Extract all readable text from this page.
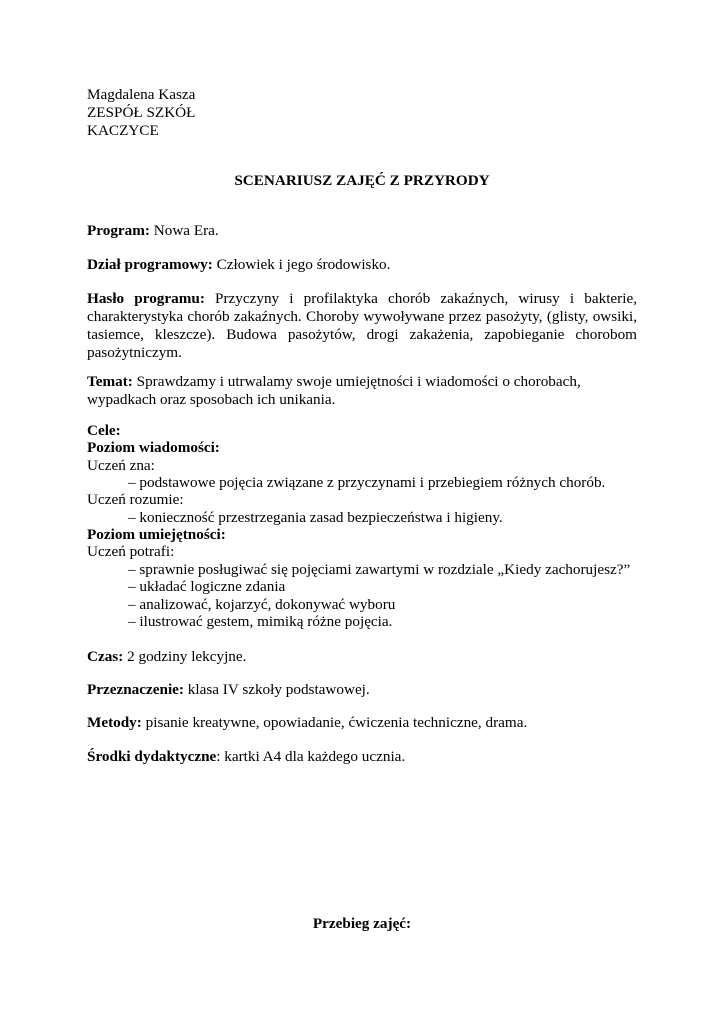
Magdalena Kasza
ZESPÓŁ SZKÓŁ
KACZYCE
SCENARIUSZ ZAJĘĆ Z PRZYRODY
Program: Nowa Era.
Dział programowy: Człowiek i jego środowisko.
Hasło programu: Przyczyny i profilaktyka chorób zakaźnych, wirusy i bakterie, charakterystyka chorób zakaźnych. Choroby wywoływane przez pasożyty, (glisty, owsiki, tasiemce, kleszcze). Budowa pasożytów, drogi zakażenia, zapobieganie chorobom pasożytniczym.
Temat: Sprawdzamy i utrwalamy swoje umiejętności i wiadomości o chorobach, wypadkach oraz sposobach ich unikania.
Cele:
Poziom wiadomości:
Uczeń zna:
– podstawowe pojęcia związane z przyczynami i przebiegiem różnych chorób.
Uczeń rozumie:
– konieczność przestrzegania zasad bezpieczeństwa i higieny.
Poziom umiejętności:
Uczeń potrafi:
– sprawnie posługiwać się pojęciami zawartymi w rozdziale „Kiedy zachorujesz?”
– układać logiczne zdania
– analizować, kojarzyć, dokonywać wyboru
– ilustrować gestem, mimiką różne pojęcia.
Czas: 2 godziny lekcyjne.
Przeznaczenie: klasa IV szkoły podstawowej.
Metody: pisanie kreatywne, opowiadanie, ćwiczenia techniczne, drama.
Środki dydaktyczne: kartki A4 dla każdego ucznia.
Przebieg zajęć:
